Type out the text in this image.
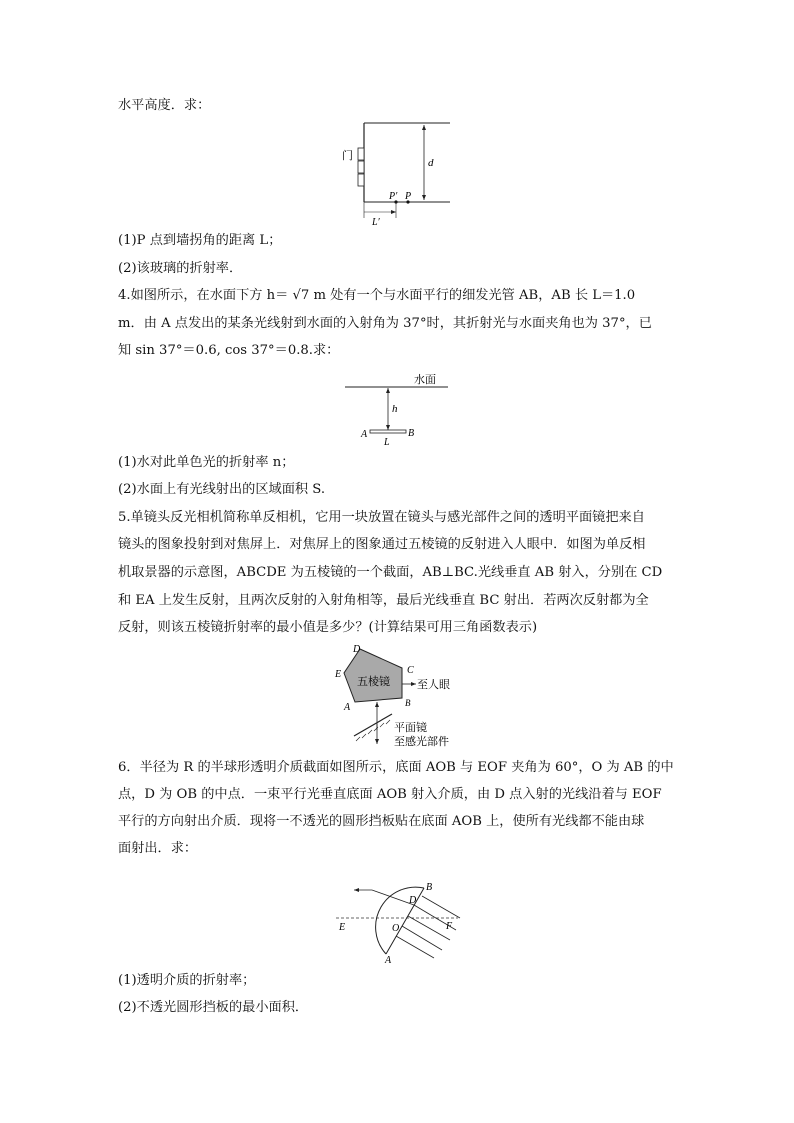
水平高度．求：
(1)P 点到墙拐角的距离 L；
(2)该玻璃的折射率．
4.如图所示，在水面下方 h＝ √7 m 处有一个与水面平行的细发光管 AB，AB 长 L＝1.0
m．由 A 点发出的某条光线射到水面的入射角为 37°时，其折射光与水面夹角也为 37°，已
知 sin 37°＝0.6, cos 37°＝0.8.求：
(1)水对此单色光的折射率 n；
(2)水面上有光线射出的区域面积 S.
5.单镜头反光相机简称单反相机，它用一块放置在镜头与感光部件之间的透明平面镜把来自
镜头的图象投射到对焦屏上．对焦屏上的图象通过五棱镜的反射进入人眼中．如图为单反相
机取景器的示意图，ABCDE 为五棱镜的一个截面，AB⊥BC.光线垂直 AB 射入，分别在 CD
和 EA 上发生反射，且两次反射的入射角相等，最后光线垂直 BC 射出．若两次反射都为全
反射，则该五棱镜折射率的最小值是多少？(计算结果可用三角函数表示)
6．半径为 R 的半球形透明介质截面如图所示，底面 AOB 与 EOF 夹角为 60°，O 为 AB 的中
点，D 为 OB 的中点．一束平行光垂直底面 AOB 射入介质，由 D 点入射的光线沿着与 EOF
平行的方向射出介质．现将一不透光的圆形挡板贴在底面 AOB 上，使所有光线都不能由球
面射出．求：
(1)透明介质的折射率；
(2)不透光圆形挡板的最小面积．
门
d
P′ P
L′
水面
h
A	B
L
D
E	C
五棱镜 至人眼
A	B
平面镜
至感光部件
B
D
E	O	F
A
